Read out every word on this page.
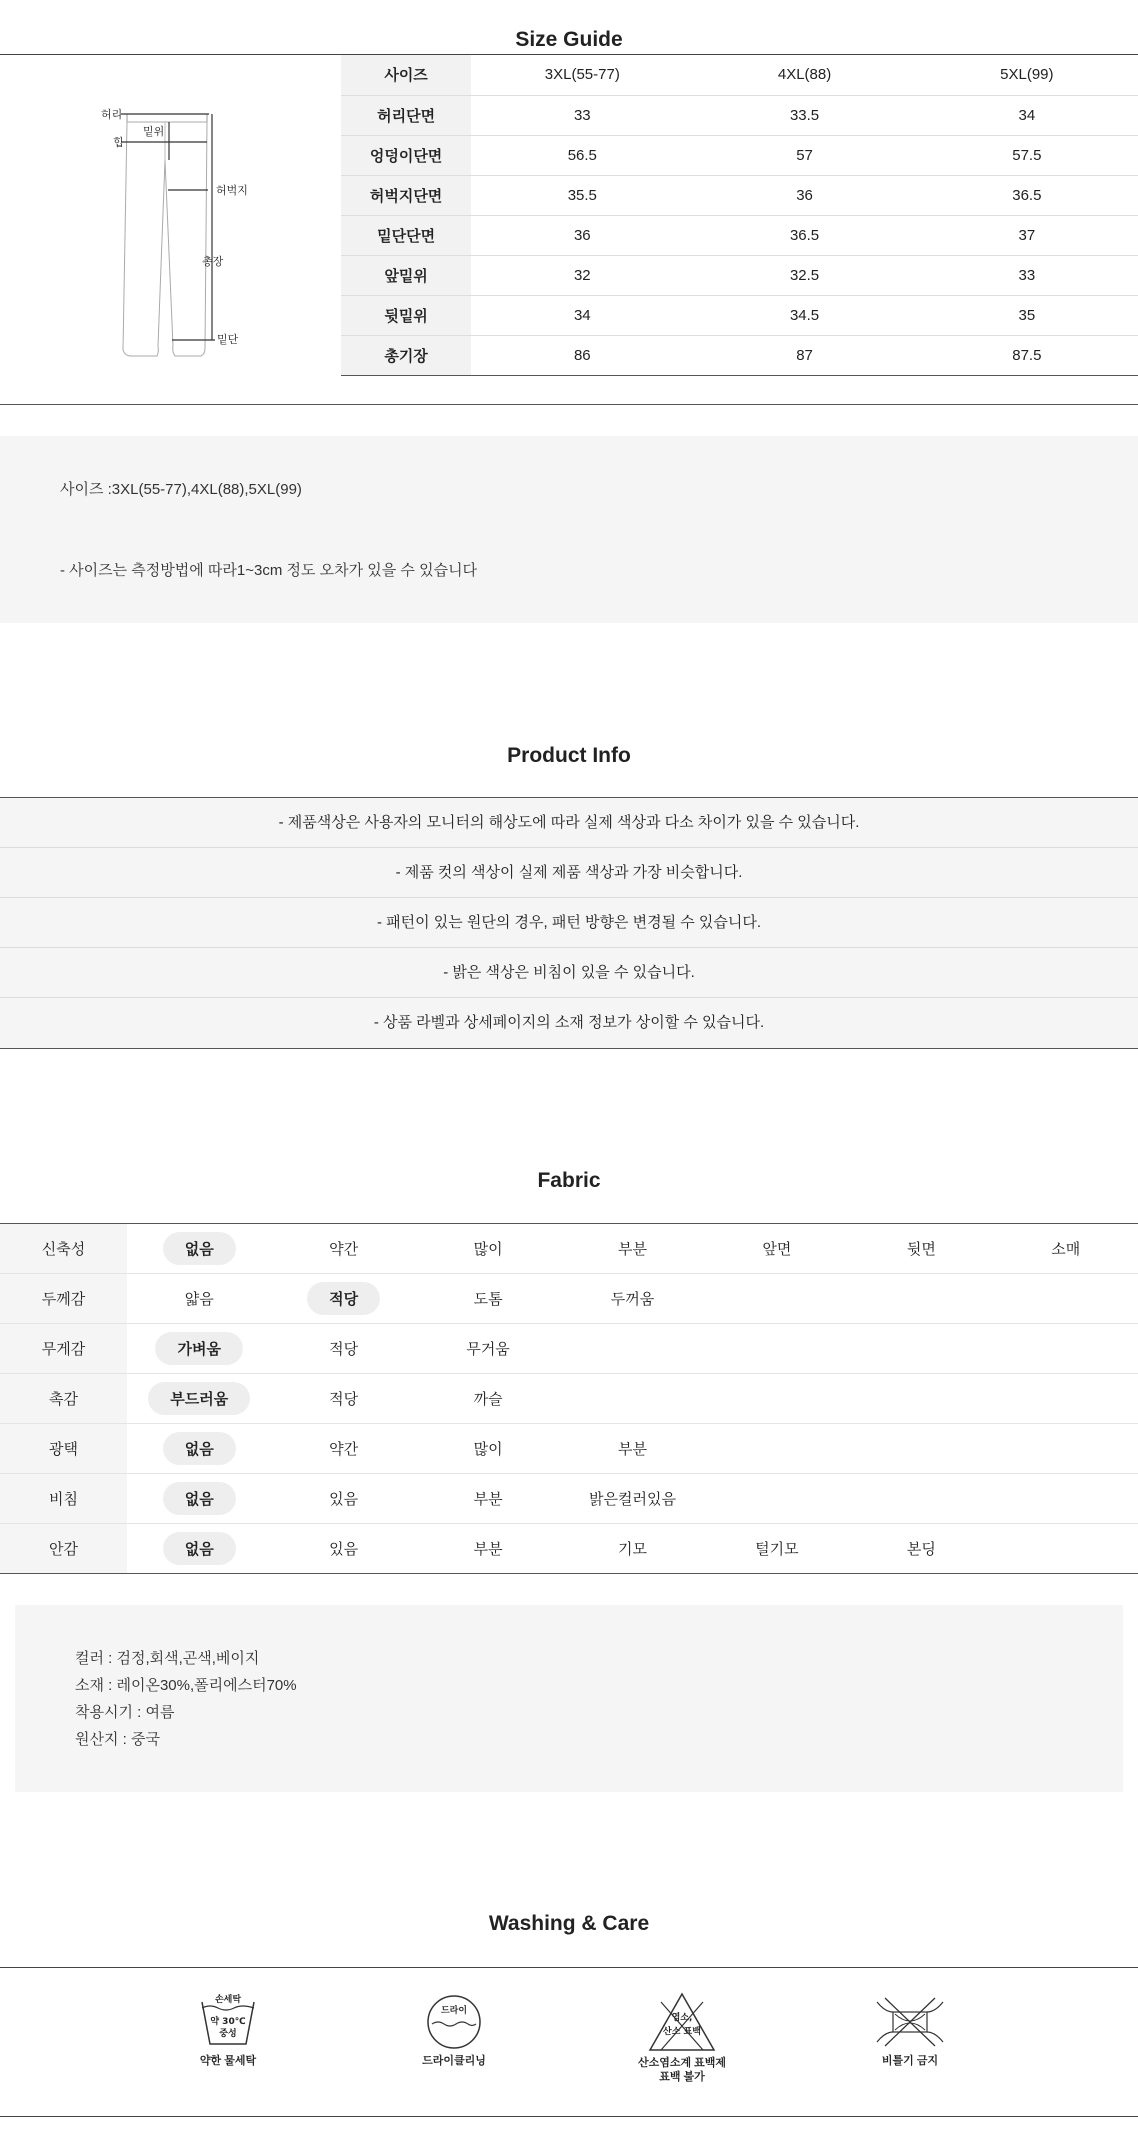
Size Guide
허리
힙
밑위
허벅지
총장
밑단
사이즈	3XL(55-77)	4XL(88)	5XL(99)
허리단면	33	33.5	34
엉덩이단면	56.5	57	57.5
허벅지단면	35.5	36	36.5
밑단단면	36	36.5	37
앞밑위	32	32.5	33
뒷밑위	34	34.5	35
총기장	86	87	87.5
사이즈 :3XL(55-77),4XL(88),5XL(99)
- 사이즈는 측정방법에 따라1~3cm 정도 오차가 있을 수 있습니다
Product Info
- 제품색상은 사용자의 모니터의 해상도에 따라 실제 색상과 다소 차이가 있을 수 있습니다.
- 제품 컷의 색상이 실제 제품 색상과 가장 비슷합니다.
- 패턴이 있는 원단의 경우, 패턴 방향은 변경될 수 있습니다.
- 밝은 색상은 비침이 있을 수 있습니다.
- 상품 라벨과 상세페이지의 소재 정보가 상이할 수 있습니다.
Fabric
신축성	없음	약간	많이	부분	앞면	뒷면	소매
두께감	얇음	적당	도톰	두꺼움			
무게감	가벼움	적당	무거움				
촉감	부드러움	적당	까슬				
광택	없음	약간	많이	부분			
비침	없음	있음	부분	밝은컬러있음			
안감	없음	있음	부분	기모	털기모	본딩	
컬러 : 검정,회색,곤색,베이지
소재 : 레이온30%,폴리에스터70%
착용시기 : 여름
원산지 : 중국
Washing & Care
손세탁
약 30℃
중성
약한 물세탁
드라이
드라이클리닝
염소,
산소 표백
산소염소계 표백제
표백 불가
비틀기 금지
